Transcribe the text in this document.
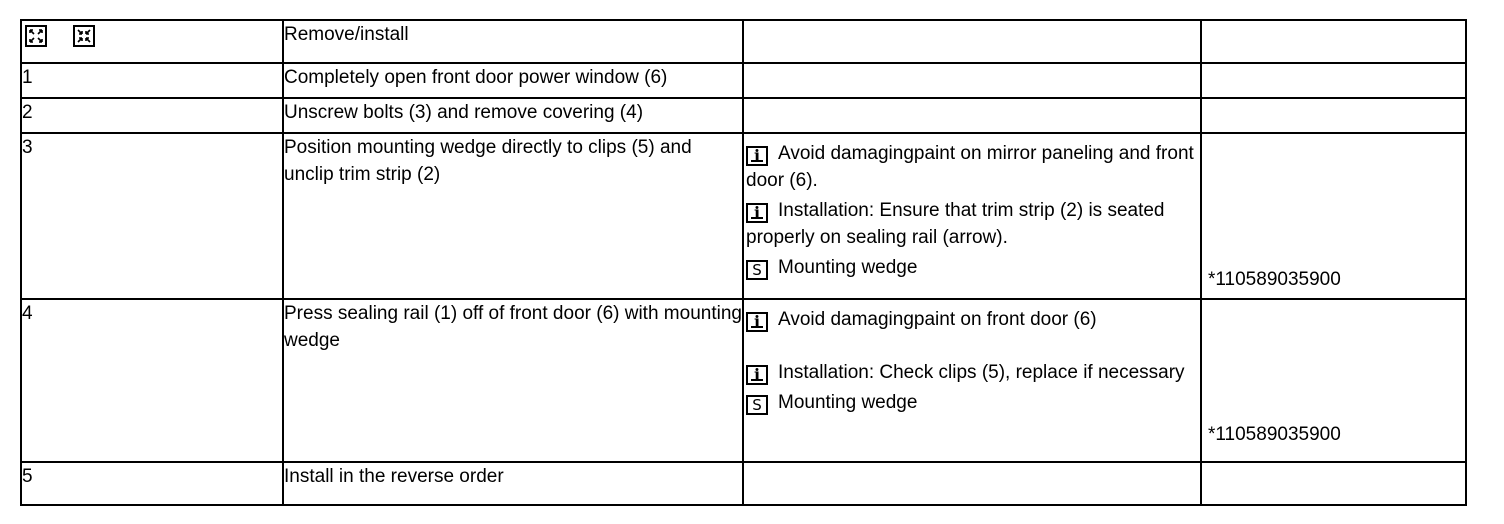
	Remove/install		
1	Completely open front door power window (6)		
2	Unscrew bolts (3) and remove covering (4)		
3	Position mounting wedge directly to clips (5) and unclip trim strip (2)	i Avoid damagingpaint on mirror paneling and front door (6).

i Installation: Ensure that trim strip (2) is seated properly on sealing rail (arrow).

S Mounting wedge	*110589035900

4	Press sealing rail (1) off of front door (6) with mounting wedge	i Avoid damagingpaint on front door (6)

i Installation: Check clips (5), replace if necessary

S Mounting wedge	*110589035900

5	Install in the reverse order		
